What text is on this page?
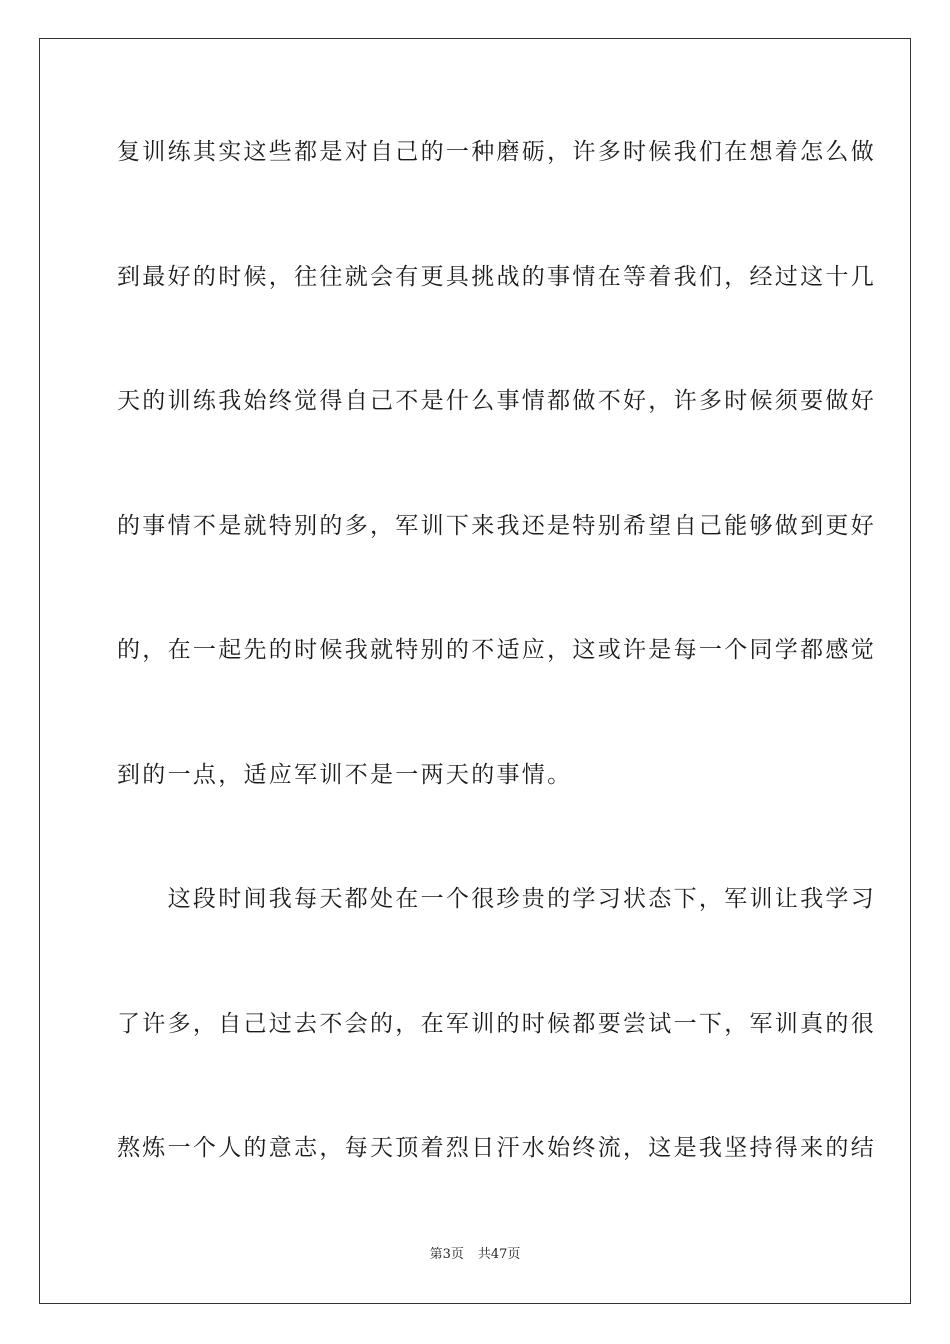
复训练其实这些都是对自己的一种磨砺，许多时候我们在想着怎么做
到最好的时候，往往就会有更具挑战的事情在等着我们，经过这十几
天的训练我始终觉得自己不是什么事情都做不好，许多时候须要做好
的事情不是就特别的多，军训下来我还是特别希望自己能够做到更好
的，在一起先的时候我就特别的不适应，这或许是每一个同学都感觉
到的一点，适应军训不是一两天的事情。
　　这段时间我每天都处在一个很珍贵的学习状态下，军训让我学习
了许多，自己过去不会的，在军训的时候都要尝试一下，军训真的很
熬炼一个人的意志，每天顶着烈日汗水始终流，这是我坚持得来的结
第3页 共47页
